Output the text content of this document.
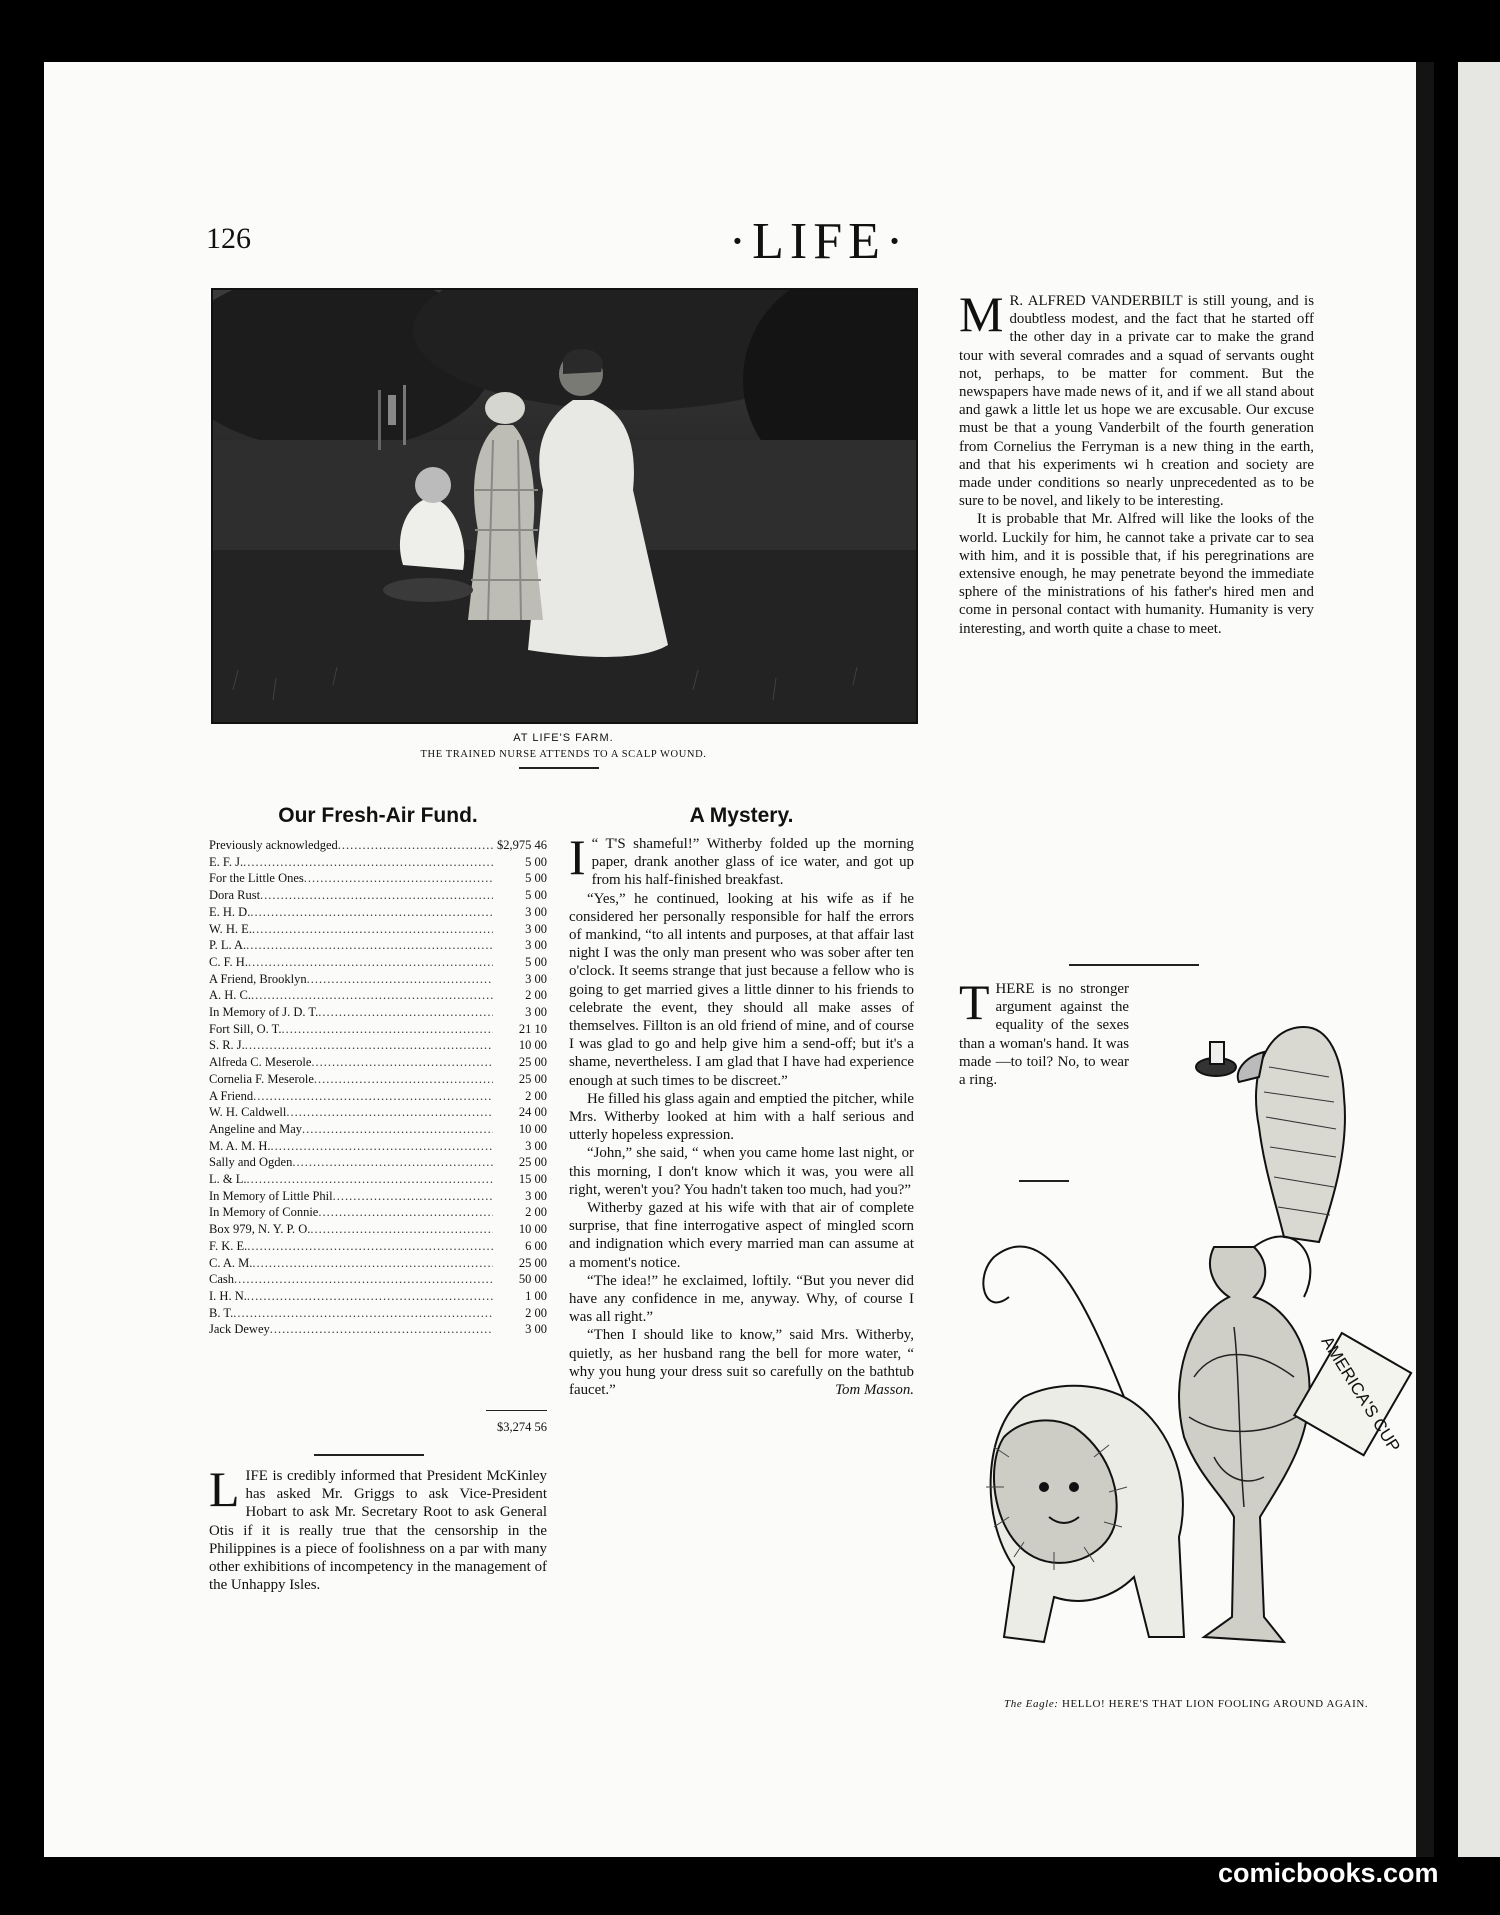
126	·LIFE·
AT LIFE'S FARM.
THE TRAINED NURSE ATTENDS TO A SCALP WOUND.
Our Fresh-Air Fund.
Previously acknowledged .....	$2,975 46
E. F. J. .....	5 00
For the Little Ones .....	5 00
Dora Rust .....	5 00
E. H. D. .....	3 00
W. H. E. .....	3 00
P. L. A. .....	3 00
C. F. H. .....	5 00
A Friend, Brooklyn .....	3 00
A. H. C. .....	2 00
In Memory of J. D. T. .....	3 00
Fort Sill, O. T. .....	21 10
S. R. J. .....	10 00
Alfreda C. Meserole .....	25 00
Cornelia F. Meserole .....	25 00
A Friend .....	2 00
W. H. Caldwell .....	24 00
Angeline and May .....	10 00
M. A. M. H. .....	3 00
Sally and Ogden .....	25 00
L. & L. .....	15 00
In Memory of Little Phil .....	3 00
In Memory of Connie .....	2 00
Box 979, N. Y. P. O. .....	10 00
F. K. E. .....	6 00
C. A. M. .....	25 00
Cash .....	50 00
I. H. N. .....	1 00
B. T. .....	2 00
Jack Dewey .....	3 00
$3,274 56
LIFE is credibly informed that President McKinley has asked Mr. Griggs to ask Vice-President Hobart to ask Mr. Secretary Root to ask General Otis if it is really true that the censorship in the Philippines is a piece of foolishness on a par with many other exhibitions of incompetency in the management of the Unhappy Isles.
A Mystery.
I “ T'S shameful!” Witherby folded up the morning paper, drank another glass of ice water, and got up from his half-finished breakfast.

“Yes,” he continued, looking at his wife as if he considered her personally responsible for half the errors of mankind, “to all intents and purposes, at that affair last night I was the only man present who was sober after ten o'clock. It seems strange that just because a fellow who is going to get married gives a little dinner to his friends to celebrate the event, they should all make asses of themselves. Fillton is an old friend of mine, and of course I was glad to go and help give him a send-off; but it's a shame, nevertheless. I am glad that I have had experience enough at such times to be discreet.”

He filled his glass again and emptied the pitcher, while Mrs. Witherby looked at him with a half serious and utterly hopeless expression.

“John,” she said, “ when you came home last night, or this morning, I don't know which it was, you were all right, weren't you? You hadn't taken too much, had you?”

Witherby gazed at his wife with that air of complete surprise, that fine interrogative aspect of mingled scorn and indignation which every married man can assume at a moment's notice.

“The idea!” he exclaimed, loftily. “But you never did have any confidence in me, anyway. Why, of course I was all right.”

“Then I should like to know,” said Mrs. Witherby, quietly, as her husband rang the bell for more water, “ why you hung your dress suit so carefully on the bathtub faucet.”	Tom Masson.

M R. ALFRED VANDERBILT is still young, and is doubtless modest, and the fact that he started off the other day in a private car to make the grand tour with several comrades and a squad of servants ought not, perhaps, to be matter for comment. But the newspapers have made news of it, and if we all stand about and gawk a little let us hope we are excusable. Our excuse must be that a young Vanderbilt of the fourth generation from Cornelius the Ferryman is a new thing in the earth, and that his experiments wi h creation and society are made under conditions so nearly unprecedented as to be sure to be novel, and likely to be interesting.

It is probable that Mr. Alfred will like the looks of the world. Luckily for him, he cannot take a private car to sea with him, and it is possible that, if his peregrinations are extensive enough, he may penetrate beyond the immediate sphere of the ministrations of his father's hired men and come in personal contact with humanity. Humanity is very interesting, and worth quite a chase to meet.

THERE is no stronger argument against the equality of the sexes than a woman's hand. It was made —to toil? No, to wear a ring.
AMERICA'S CUP
The Eagle: HELLO! HERE'S THAT LION FOOLING AROUND AGAIN.
comicbooks.com
